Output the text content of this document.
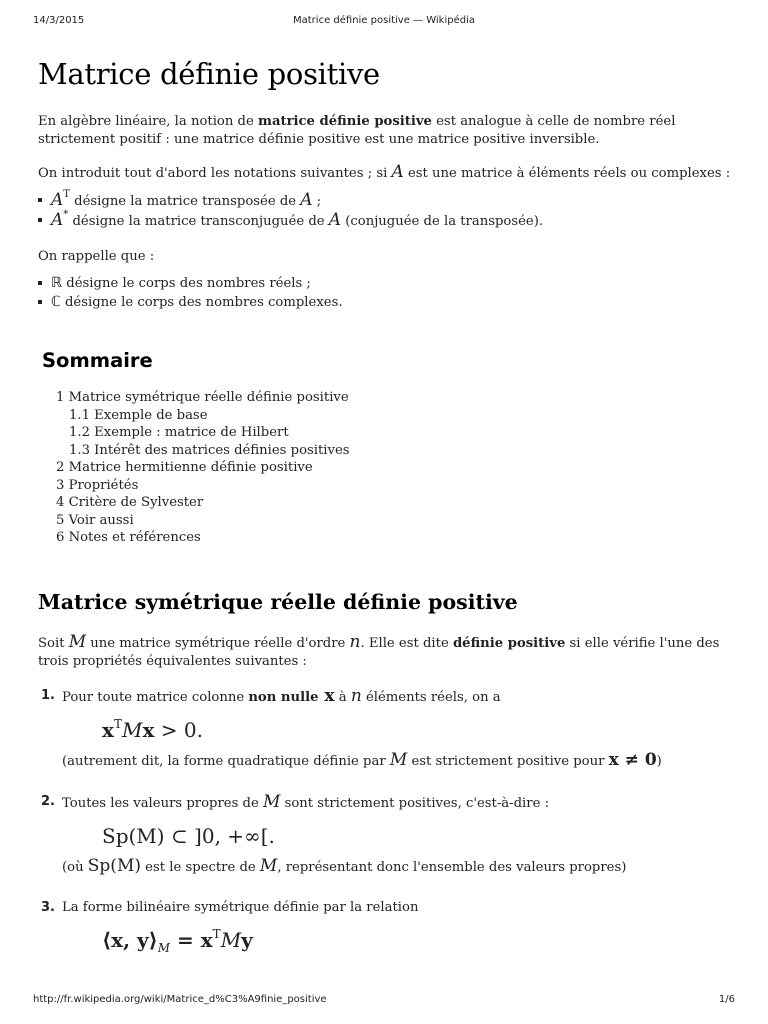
14/3/2015	Matrice définie positive — Wikipédia
Matrice définie positive

En algèbre linéaire, la notion de matrice définie positive est analogue à celle de nombre réel strictement positif : une matrice définie positive est une matrice positive inversible.

On introduit tout d'abord les notations suivantes ; si A est une matrice à éléments réels ou complexes :

$A^T$ désigne la matrice transposée de A ;
A* désigne la matrice transconjuguée de A (conjuguée de la transposée).

On rappelle que :

ℝ désigne le corps des nombres réels ;
ℂ désigne le corps des nombres complexes.
Sommaire
1 Matrice symétrique réelle définie positive
1.1 Exemple de base
1.2 Exemple : matrice de Hilbert
1.3 Intérêt des matrices définies positives
2 Matrice hermitienne définie positive
3 Propriétés
4 Critère de Sylvester
5 Voir aussi
6 Notes et références
Matrice symétrique réelle définie positive

Soit M une matrice symétrique réelle d'ordre n. Elle est dite définie positive si elle vérifie l'une des trois propriétés équivalentes suivantes :

1. Pour toute matrice colonne non nulle x à n éléments réels, on a
$x^TMx > 0$.
(autrement dit, la forme quadratique définie par M est strictement positive pour x ≠ 0)
2. Toutes les valeurs propres de M sont strictement positives, c'est-à-dire :
Sp(M) ⊂ ]0, +∞[.
(où Sp(M) est le spectre de M, représentant donc l'ensemble des valeurs propres)
3. La forme bilinéaire symétrique définie par la relation
⟨x, $y⟩_M = x^TMy$
http://fr.wikipedia.org/wiki/Matrice_d%C3%A9finie_positive	1/6
